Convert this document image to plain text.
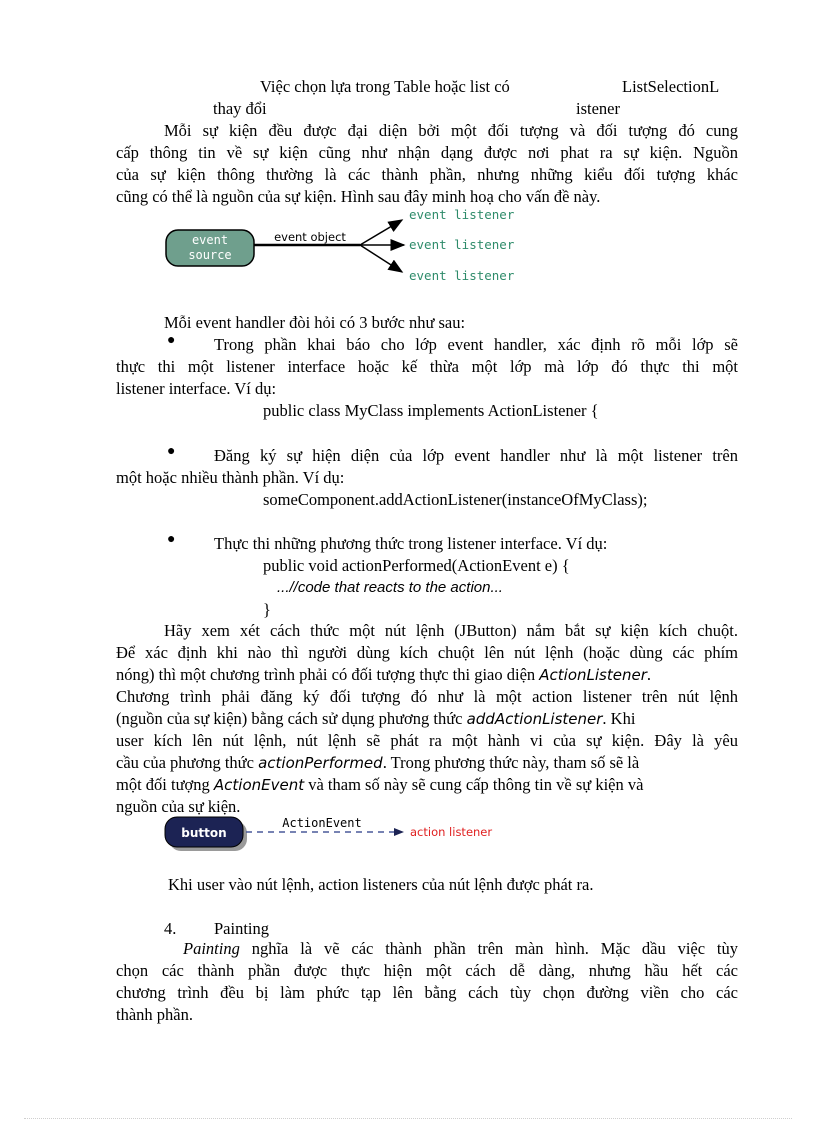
Việc chọn lựa trong Table hoặc list có
thay đổi
ListSelectionL
istener
Mỗi sự kiện đều được đại diện bởi một đối tượng và đối tượng đó cung
cấp thông tin về sự kiện cũng như nhận dạng được nơi phat ra sự kiện. Nguồn
của sự kiện thông thường là các thành phần, nhưng những kiểu đối tượng khác
cũng có thể là nguồn của sự kiện. Hình sau đây minh hoạ cho vấn đề này.
event
source
event object
event listener
event listener
event listener
Mỗi event handler đòi hỏi có 3 bước như sau:
● Trong phần khai báo cho lớp event handler, xác định rõ mỗi lớp sẽ
thực thi một listener interface hoặc kế thừa một lớp mà lớp đó thực thi một
listener interface. Ví dụ:
public class MyClass implements ActionListener {
● Đăng ký sự hiện diện của lớp event handler như là một listener trên
một hoặc nhiều thành phần. Ví dụ:
someComponent.addActionListener(instanceOfMyClass);
● Thực thi những phương thức trong listener interface. Ví dụ:
public void actionPerformed(ActionEvent e) {
...//code that reacts to the action...
}
Hãy xem xét cách thức một nút lệnh (JButton) nắm bắt sự kiện kích chuột.
Để xác định khi nào thì người dùng kích chuột lên nút lệnh (hoặc dùng các phím
nóng) thì một chương trình phải có đối tượng thực thi giao diện ActionListener.
Chương trình phải đăng ký đối tượng đó như là một action listener trên nút lệnh
(nguồn của sự kiện) bằng cách sử dụng phương thức addActionListener. Khi
user kích lên nút lệnh, nút lệnh sẽ phát ra một hành vi của sự kiện. Đây là yêu
cầu của phương thức actionPerformed. Trong phương thức này, tham số sẽ là
một đối tượng ActionEvent và tham số này sẽ cung cấp thông tin về sự kiện và
nguồn của sự kiện.
button
ActionEvent
action listener
Khi user vào nút lệnh, action listeners của nút lệnh được phát ra.
4.	Painting
Painting nghĩa là vẽ các thành phần trên màn hình. Mặc dầu việc tùy
chọn các thành phần được thực hiện một cách dễ dàng, nhưng hầu hết các
chương trình đều bị làm phức tạp lên bằng cách tùy chọn đường viền cho các
thành phần.
